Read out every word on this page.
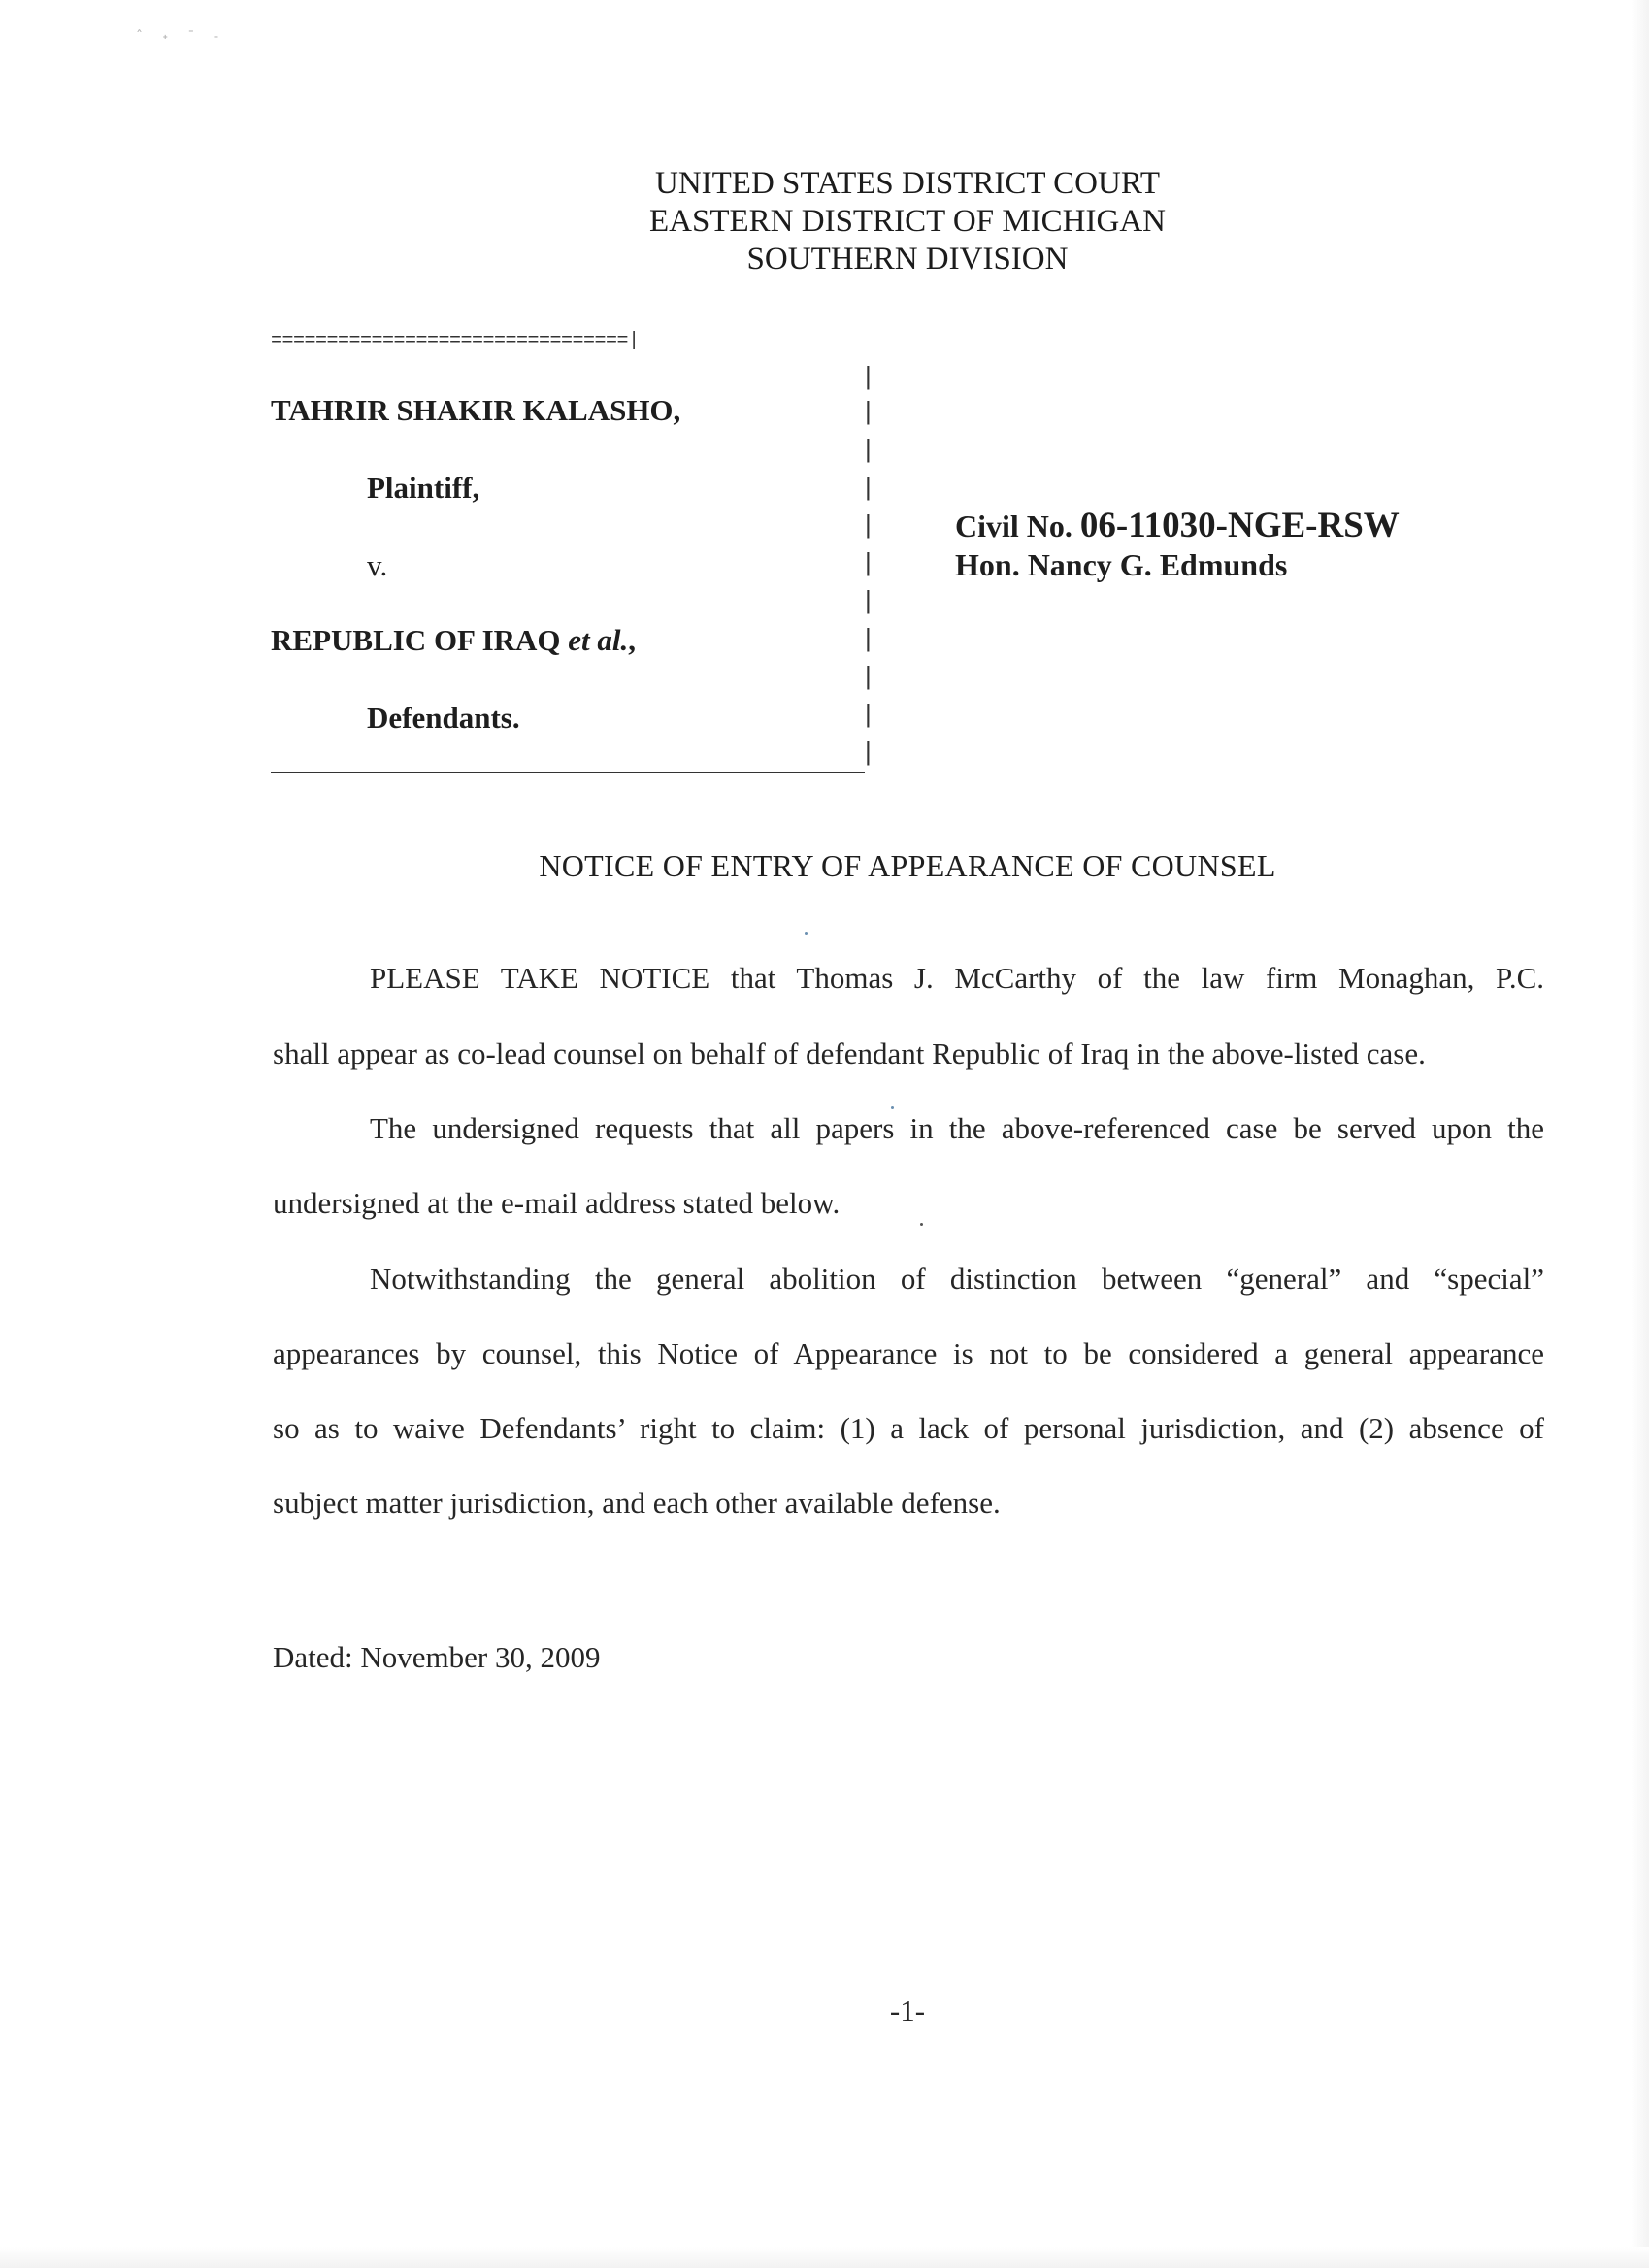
ˆ ˖ ˉ ˗
UNITED STATES DISTRICT COURT
EASTERN DISTRICT OF MICHIGAN
SOUTHERN DIVISION
================================|
|
|
|
|
|
|
|
|
|
|
|
TAHRIR SHAKIR KALASHO,
Plaintiff,
v.
REPUBLIC OF IRAQ et al.,
Defendants.
Civil No. 06-11030-NGE-RSW
Hon. Nancy G. Edmunds
NOTICE OF ENTRY OF APPEARANCE OF COUNSEL
PLEASE TAKE NOTICE that Thomas J. McCarthy of the law firm Monaghan, P.C.
shall appear as co-lead counsel on behalf of defendant Republic of Iraq in the above-listed case.
The undersigned requests that all papers in the above-referenced case be served upon the
undersigned at the e-mail address stated below.
Notwithstanding the general abolition of distinction between “general” and “special”
appearances by counsel, this Notice of Appearance is not to be considered a general appearance
so as to waive Defendants’ right to claim: (1) a lack of personal jurisdiction, and (2) absence of
subject matter jurisdiction, and each other available defense.
Dated: November 30, 2009
-1-
